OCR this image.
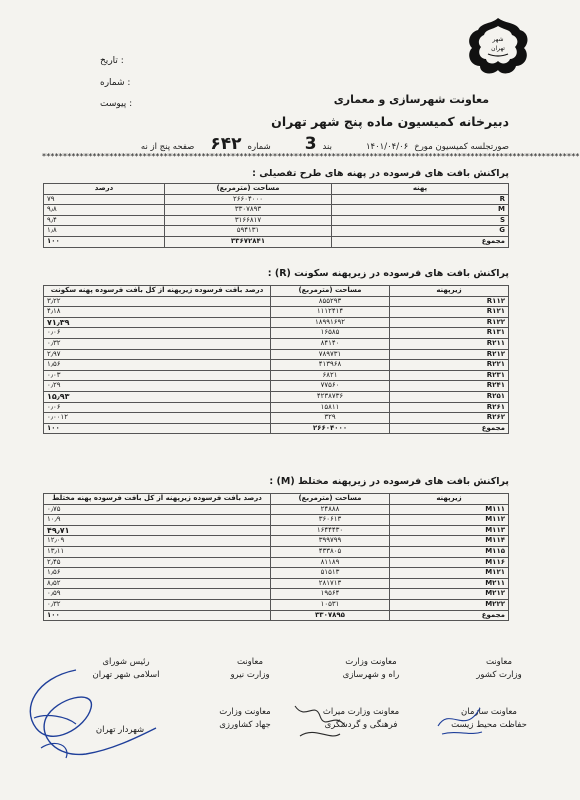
تاریخ :
شماره :
پیوست :
ﺷﻬﺮ
ﺗﻬﺮان
معاونت شهرسازی و معماری
دبیرخانه کمیسیون ماده پنج شهر تهران
صورتجلسه کمیسیون مورخ
۱۴۰۱/۰۴/۰۶
بند
3
شماره
۶۴۲
صفحه پنج از نه
********************************************************************************************************************************
پراکنش بافت های فرسوده در پهنه های طرح تفصیلی :
پهنه	مساحت (مترمربع)	درصد
R	۲۶۶۰۴۰۰۰	۷۹
M	۳۳۰۷۸۹۳	۹٫۸
S	۳۱۶۶۸۱۷	۹٫۴
G	۵۹۴۱۳۱	۱٫۸
مجموع	۳۳۶۷۲۸۴۱	۱۰۰
پراکنش بافت های فرسوده در زیرپهنه سکونت (R) :
زیرپهنه	مساحت (مترمربع)	درصد بافت فرسوده زیرپهنه از کل بافت فرسوده پهنه سکونت
R۱۱۲	۸۵۵۲۹۳	۳٫۲۲
R۱۲۱	۱۱۱۲۴۱۴	۴٫۱۸
R۱۲۲	۱۸۹۹۱۶۹۲	۷۱٫۳۹
R۱۳۱	۱۶۵۸۵	۰٫۰۶
R۲۱۱	۸۴۱۴۰	۰٫۳۲
R۲۱۲	۷۸۹۷۳۱	۲٫۹۷
R۲۲۱	۴۱۳۹۶۸	۱٫۵۶
R۲۳۱	۶۸۲۱	۰٫۰۳
R۲۴۱	۷۷۵۶۰	۰٫۲۹
R۲۵۱	۴۲۳۸۷۳۶	۱۵٫۹۳
R۲۶۱	۱۵۸۱۱	۰٫۰۶
R۲۶۲	۳۲۹	۰٫۰۰۱۲
مجموع	۲۶۶۰۴۰۰۰	۱۰۰
پراکنش بافت های فرسوده در زیرپهنه مختلط (M) :
زیرپهنه	مساحت (مترمربع)	درصد بافت فرسوده زیرپهنه از کل بافت فرسوده پهنه مختلط
M۱۱۱	۲۴۸۸۸	۰٫۷۵
M۱۱۲	۳۶۰۶۱۳	۱۰٫۹
M۱۱۳	۱۶۴۴۴۳۰	۴۹٫۷۱
M۱۱۴	۳۹۹۷۹۹	۱۲٫۰۹
M۱۱۵	۴۳۳۸۰۵	۱۳٫۱۱
M۱۱۶	۸۱۱۸۹	۲٫۴۵
M۱۲۱	۵۱۵۱۳	۱٫۵۶
M۲۱۱	۲۸۱۷۱۳	۸٫۵۲
M۲۱۲	۱۹۵۶۴	۰٫۵۹
M۲۲۲	۱۰۵۳۱	۰٫۳۲
مجموع	۳۳۰۷۸۹۵	۱۰۰
معاونت
وزارت کشور
معاونت وزارت
راه و شهرسازی
معاونت
وزارت نیرو
رئیس شورای
اسلامی شهر تهران
معاونت سازمان
حفاظت محیط زیست
معاونت وزارت میراث
فرهنگی و گردشگری
معاونت وزارت
جهاد کشاورزی
شهردار تهران
